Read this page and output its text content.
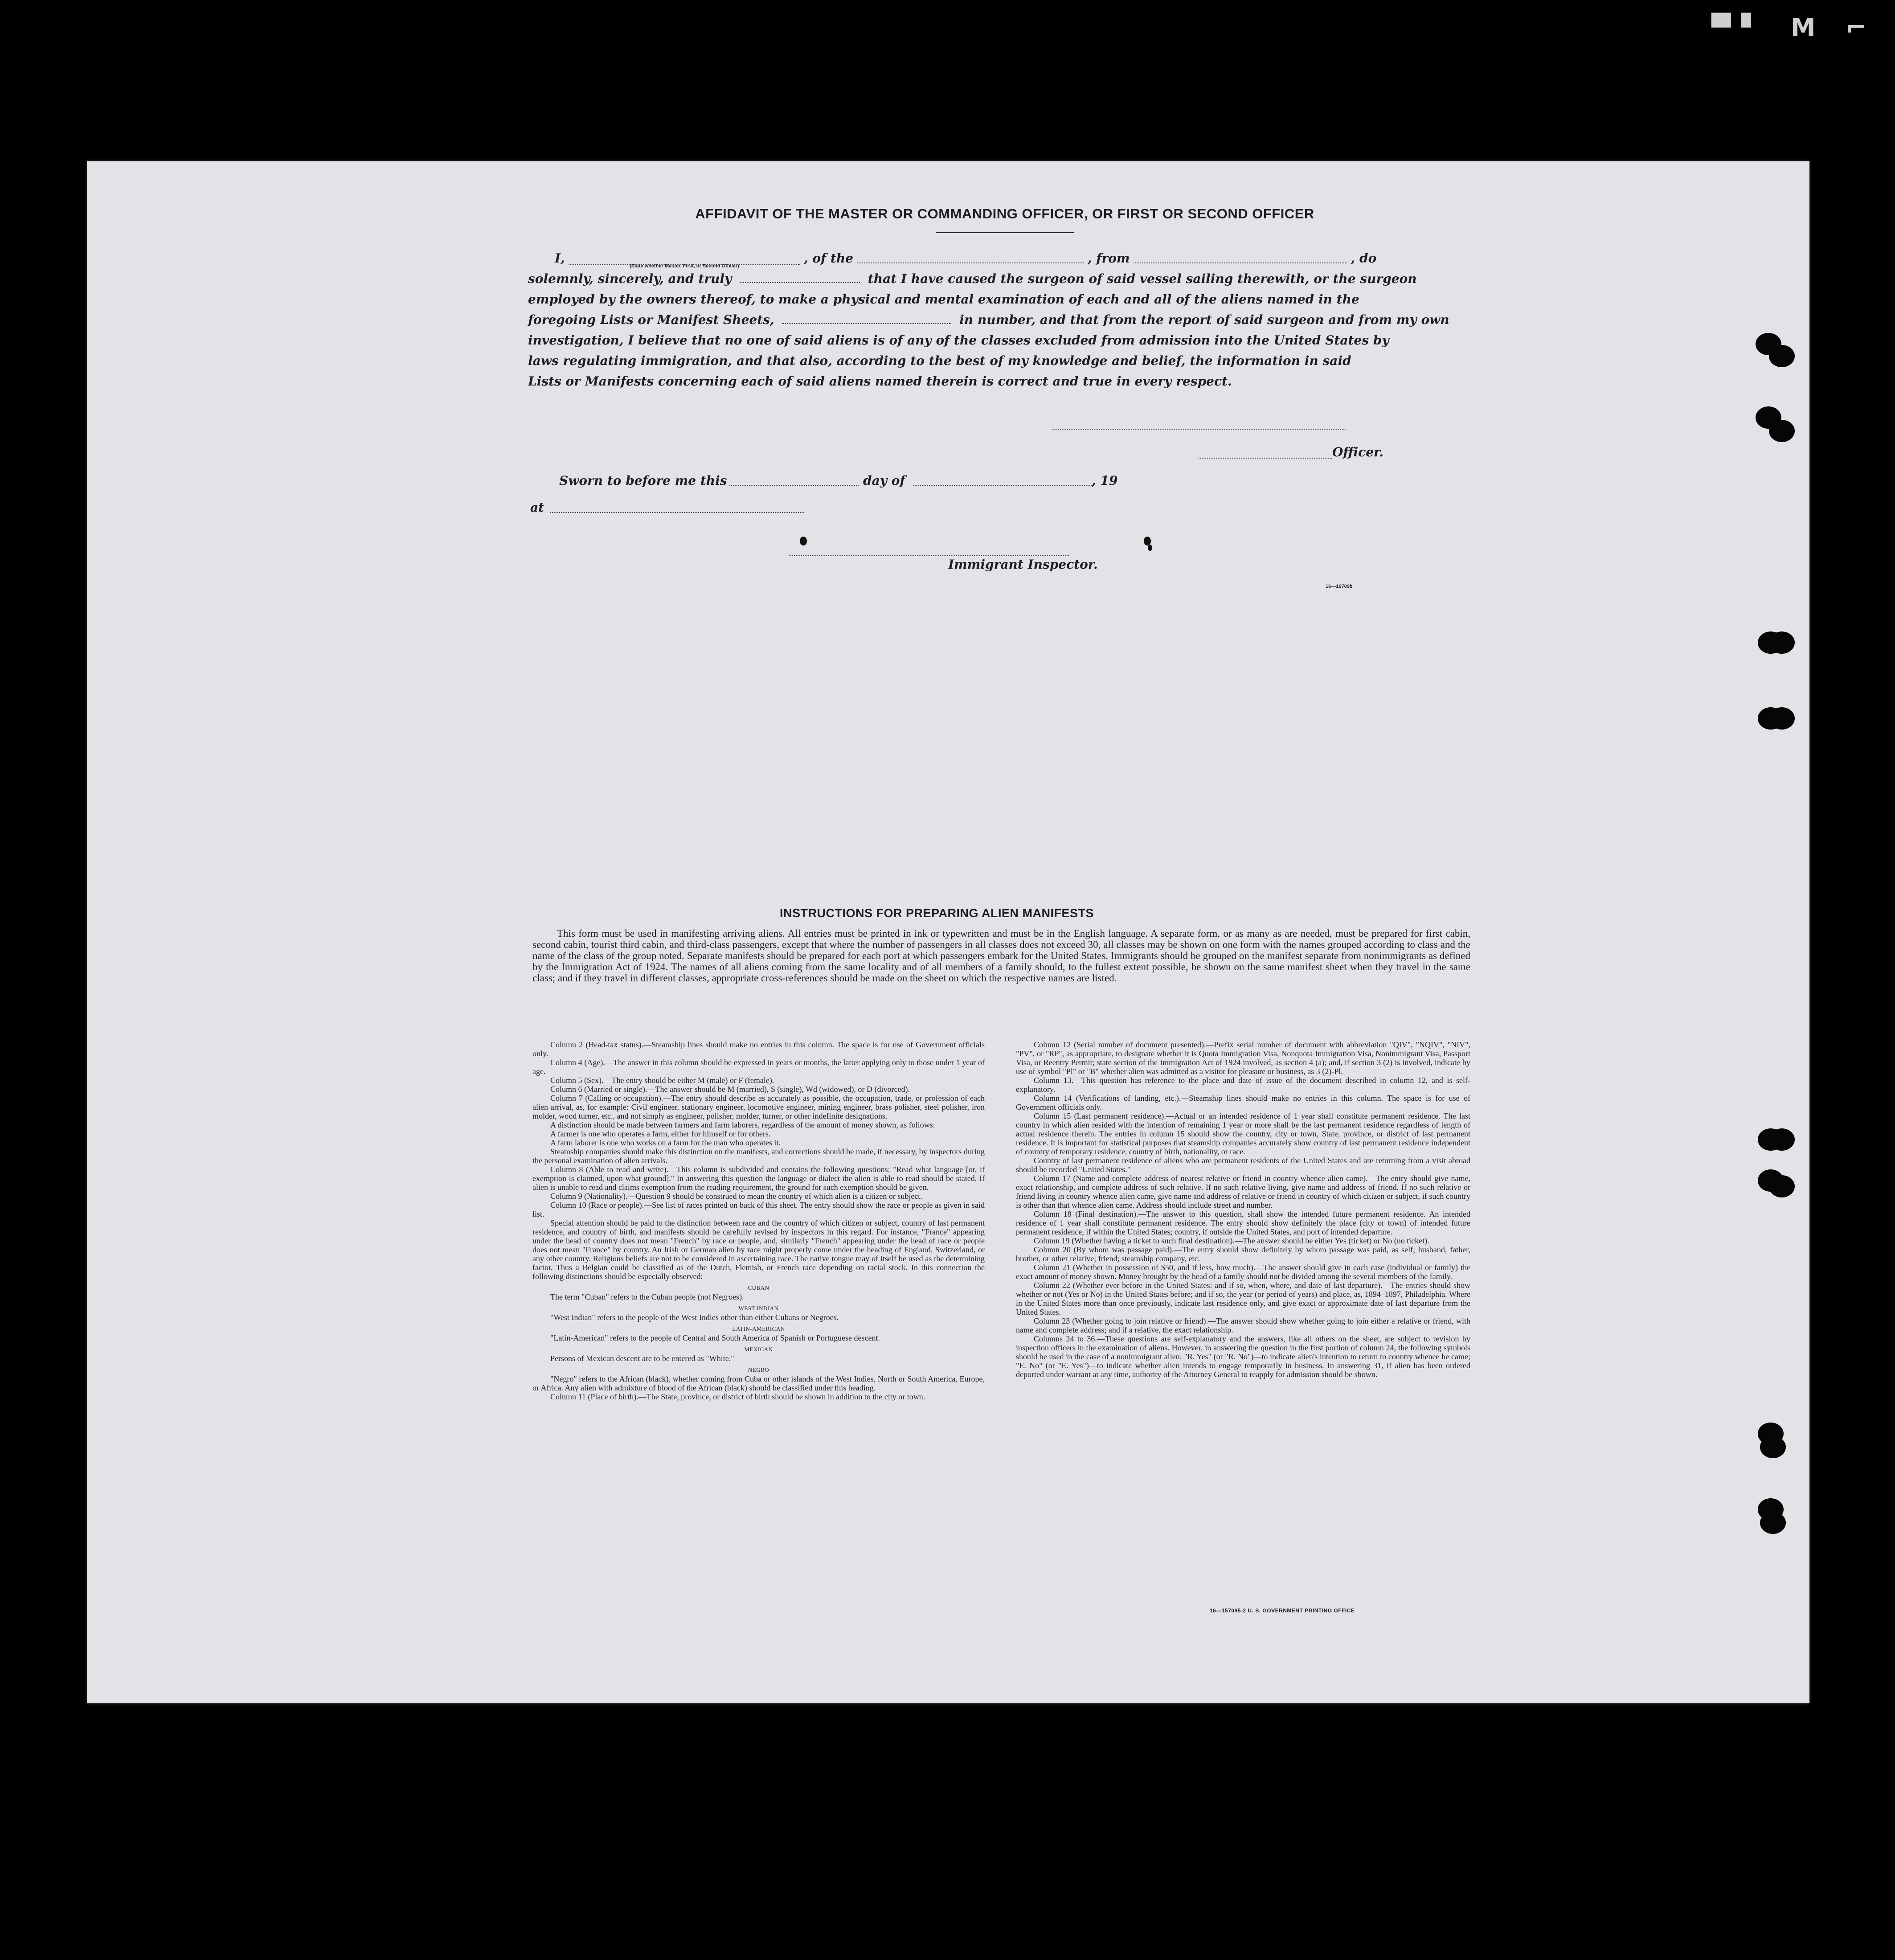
▀▘ M ⌐
AFFIDAVIT OF THE MASTER OR COMMANDING OFFICER, OR FIRST OR SECOND OFFICER
I,
(State whether Master, First, or Second Officer)
, of the	, from	, do
solemnly, sincerely, and truly	that I have caused the surgeon of said vessel sailing therewith, or the surgeon
employed by the owners thereof, to make a physical and mental examination of each and all of the aliens named in the
foregoing Lists or Manifest Sheets,	in number, and that from the report of said surgeon and from my own
investigation, I believe that no one of said aliens is of any of the classes excluded from admission into the United States by
laws regulating immigration, and that also, according to the best of my knowledge and belief, the information in said
Lists or Manifests concerning each of said aliens named therein is correct and true in every respect.
Officer.
Sworn to before me this	day of	, 19
at
Immigrant Inspector.
16—16709b
INSTRUCTIONS FOR PREPARING ALIEN MANIFESTS
This form must be used in manifesting arriving aliens. All entries must be printed in ink or typewritten and must be in the English language. A separate form, or as many as are needed, must be prepared for first cabin, second cabin, tourist third cabin, and third-class passengers, except that where the number of passengers in all classes does not exceed 30, all classes may be shown on one form with the names grouped according to class and the name of the class of the group noted. Separate manifests should be prepared for each port at which passengers embark for the United States. Immigrants should be grouped on the manifest separate from nonimmigrants as defined by the Immigration Act of 1924. The names of all aliens coming from the same locality and of all members of a family should, to the fullest extent possible, be shown on the same manifest sheet when they travel in the same class; and if they travel in different classes, appropriate cross-references should be made on the sheet on which the respective names are listed.

Column 2 (Head-tax status).—Steamship lines should make no entries in this column. The space is for use of Government officials only.

Column 4 (Age).—The answer in this column should be expressed in years or months, the latter applying only to those under 1 year of age.

Column 5 (Sex).—The entry should be either M (male) or F (female).

Column 6 (Married or single).—The answer should be M (married), S (single), Wd (widowed), or D (divorced).

Column 7 (Calling or occupation).—The entry should describe as accurately as possible, the occupation, trade, or profession of each alien arrival, as, for example: Civil engineer, stationary engineer, locomotive engineer, mining engineer, brass polisher, steel polisher, iron molder, wood turner, etc., and not simply as engineer, polisher, molder, turner, or other indefinite designations.

A distinction should be made between farmers and farm laborers, regardless of the amount of money shown, as follows:

A farmer is one who operates a farm, either for himself or for others.

A farm laborer is one who works on a farm for the man who operates it.

Steamship companies should make this distinction on the manifests, and corrections should be made, if necessary, by inspectors during the personal examination of alien arrivals.

Column 8 (Able to read and write).—This column is subdivided and contains the following questions: "Read what language [or, if exemption is claimed, upon what ground]." In answering this question the language or dialect the alien is able to read should be stated. If alien is unable to read and claims exemption from the reading requirement, the ground for such exemption should be given.

Column 9 (Nationality).—Question 9 should be construed to mean the country of which alien is a citizen or subject.

Column 10 (Race or people).—See list of races printed on back of this sheet. The entry should show the race or people as given in said list.

Special attention should be paid to the distinction between race and the country of which citizen or subject, country of last permanent residence, and country of birth, and manifests should be carefully revised by inspectors in this regard. For instance, "France" appearing under the head of country does not mean "French" by race or people, and, similarly "French" appearing under the head of race or people does not mean "France" by country. An Irish or German alien by race might properly come under the heading of England, Switzerland, or any other country. Religious beliefs are not to be considered in ascertaining race. The native tongue may of itself be used as the determining factor. Thus a Belgian could be classified as of the Dutch, Flemish, or French race depending on racial stock. In this connection the following distinctions should be especially observed:

CUBAN

The term "Cuban" refers to the Cuban people (not Negroes).

WEST INDIAN

"West Indian" refers to the people of the West Indies other than either Cubans or Negroes.

LATIN-AMERICAN

"Latin-American" refers to the people of Central and South America of Spanish or Portuguese descent.

MEXICAN

Persons of Mexican descent are to be entered as "White."

NEGRO

"Negro" refers to the African (black), whether coming from Cuba or other islands of the West Indies, North or South America, Europe, or Africa. Any alien with admixture of blood of the African (black) should be classified under this heading.

Column 11 (Place of birth).—The State, province, or district of birth should be shown in addition to the city or town.

Column 12 (Serial number of document presented).—Prefix serial number of document with abbreviation "QIV", "NQIV", "NIV", "PV", or "RP", as appropriate, to designate whether it is Quota Immigration Visa, Nonquota Immigration Visa, Nonimmigrant Visa, Passport Visa, or Reentry Permit; state section of the Immigration Act of 1924 involved, as section 4 (a); and, if section 3 (2) is involved, indicate by use of symbol "Pl" or "B" whether alien was admitted as a visitor for pleasure or business, as 3 (2)-Pl.

Column 13.—This question has reference to the place and date of issue of the document described in column 12, and is self-explanatory.

Column 14 (Verifications of landing, etc.).—Steamship lines should make no entries in this column. The space is for use of Government officials only.

Column 15 (Last permanent residence).—Actual or an intended residence of 1 year shall constitute permanent residence. The last country in which alien resided with the intention of remaining 1 year or more shall be the last permanent residence regardless of length of actual residence therein. The entries in column 15 should show the country, city or town, State, province, or district of last permanent residence. It is important for statistical purposes that steamship companies accurately show country of last permanent residence independent of country of temporary residence, country of birth, nationality, or race.

Country of last permanent residence of aliens who are permanent residents of the United States and are returning from a visit abroad should be recorded "United States."

Column 17 (Name and complete address of nearest relative or friend in country whence alien came).—The entry should give name, exact relationship, and complete address of such relative. If no such relative living, give name and address of friend. If no such relative or friend living in country whence alien came, give name and address of relative or friend in country of which citizen or subject, if such country is other than that whence alien came. Address should include street and number.

Column 18 (Final destination).—The answer to this question, shall show the intended future permanent residence. An intended residence of 1 year shall constitute permanent residence. The entry should show definitely the place (city or town) of intended future permanent residence, if within the United States; country, if outside the United States, and port of intended departure.

Column 19 (Whether having a ticket to such final destination).—The answer should be either Yes (ticket) or No (no ticket).

Column 20 (By whom was passage paid).—The entry should show definitely by whom passage was paid, as self; husband, father, brother, or other relative; friend; steamship company, etc.

Column 21 (Whether in possession of $50, and if less, how much).—The answer should give in each case (individual or family) the exact amount of money shown. Money brought by the head of a family should not be divided among the several members of the family.

Column 22 (Whether ever before in the United States: and if so, when, where, and date of last departure).—The entries should show whether or not (Yes or No) in the United States before; and if so, the year (or period of years) and place, as, 1894–1897, Philadelphia. Where in the United States more than once previously, indicate last residence only, and give exact or approximate date of last departure from the United States.

Column 23 (Whether going to join relative or friend).—The answer should show whether going to join either a relative or friend, with name and complete address; and if a relative, the exact relationship.

Columns 24 to 36.—These questions are self-explanatory and the answers, like all others on the sheet, are subject to revision by inspection officers in the examination of aliens. However, in answering the question in the first portion of column 24, the following symbols should be used in the case of a nonimmigrant alien: "R. Yes" (or "R. No")—to indicate alien's intention to return to country whence he came; "E. No" (or "E. Yes")—to indicate whether alien intends to engage temporarily in business. In answering 31, if alien has been ordered deported under warrant at any time, authority of the Attorney General to reapply for admission should be shown.

16—157095-2 U. S. GOVERNMENT PRINTING OFFICE
